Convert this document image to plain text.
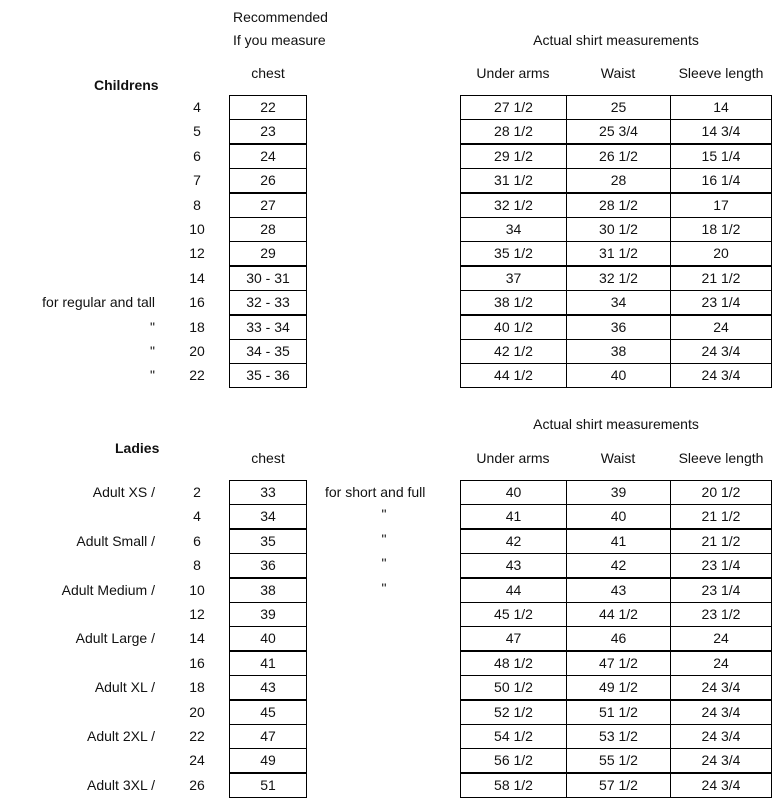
Recommended
If you measure	Actual shirt measurements
Childrens
chest	Under arms	Waist	Sleeve length
4	22	27 1/2	25	14
5	23	28 1/2	25 3/4	14 3/4
6	24	29 1/2	26 1/2	15 1/4
7	26	31 1/2	28	16 1/4
8	27	32 1/2	28 1/2	17
10	28	34	30 1/2	18 1/2
12	29	35 1/2	31 1/2	20
14	30 - 31	37	32 1/2	21 1/2
for regular and tall	16	32 - 33	38 1/2	34	23 1/4
"	18	33 - 34	40 1/2	36	24
"	20	34 - 35	42 1/2	38	24 3/4
"	22	35 - 36	44 1/2	40	24 3/4
Actual shirt measurements
Ladies
chest	Under arms	Waist	Sleeve length
Adult XS /	2	33	for short and full	40	39	20 1/2
4	34	"	41	40	21 1/2
Adult Small /	6	35	"	42	41	21 1/2
8	36	"	43	42	23 1/4
Adult Medium /	10	38	"	44	43	23 1/4
12	39	45 1/2	44 1/2	23 1/2
Adult Large /	14	40	47	46	24
16	41	48 1/2	47 1/2	24
Adult XL /	18	43	50 1/2	49 1/2	24 3/4
20	45	52 1/2	51 1/2	24 3/4
Adult 2XL /	22	47	54 1/2	53 1/2	24 3/4
24	49	56 1/2	55 1/2	24 3/4
Adult 3XL /	26	51	58 1/2	57 1/2	24 3/4
